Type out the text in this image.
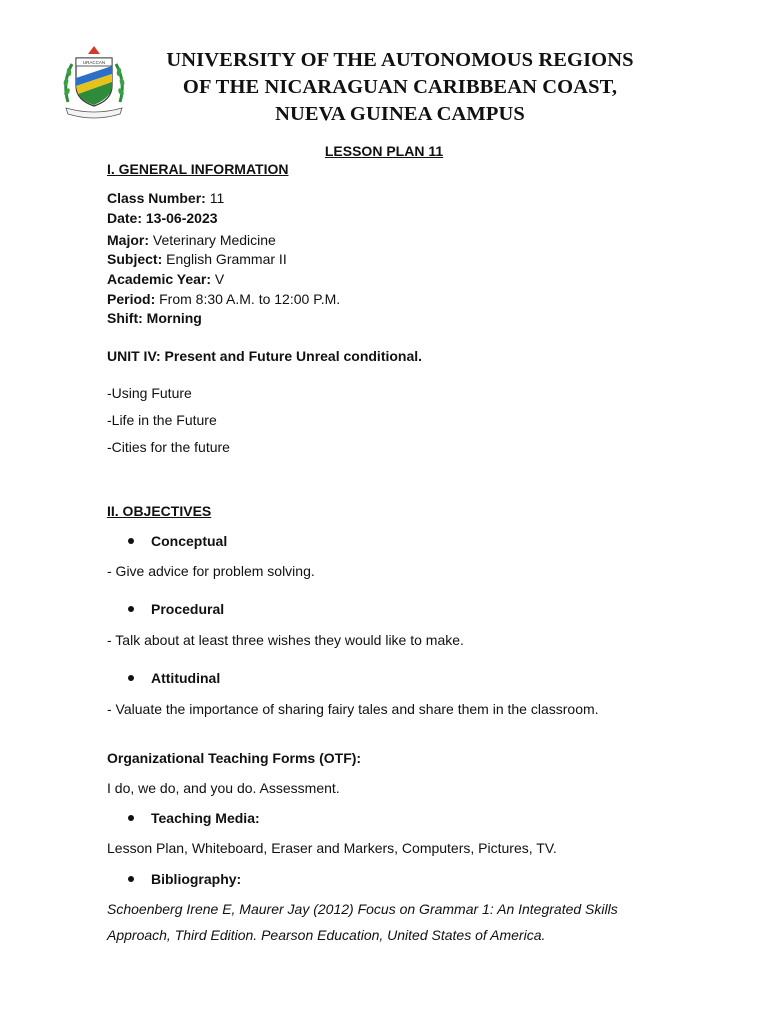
URACCAN	UNIVERSITY OF THE AUTONOMOUS REGIONS
OF THE NICARAGUAN CARIBBEAN COAST,
NUEVA GUINEA CAMPUS
LESSON PLAN 11
I. GENERAL INFORMATION
Class Number: 11
Date: 13-06-2023
Major: Veterinary Medicine
Subject: English Grammar II
Academic Year: V
Period: From 8:30 A.M. to 12:00 P.M.
Shift: Morning
UNIT IV: Present and Future Unreal conditional.
-Using Future
-Life in the Future
-Cities for the future
II. OBJECTIVES
Conceptual
- Give advice for problem solving.
Procedural
- Talk about at least three wishes they would like to make.
Attitudinal
- Valuate the importance of sharing fairy tales and share them in the classroom.
Organizational Teaching Forms (OTF):
I do, we do, and you do. Assessment.
Teaching Media:
Lesson Plan, Whiteboard, Eraser and Markers, Computers, Pictures, TV.
Bibliography:
Schoenberg Irene E, Maurer Jay (2012) Focus on Grammar 1: An Integrated Skills
Approach, Third Edition. Pearson Education, United States of America.
